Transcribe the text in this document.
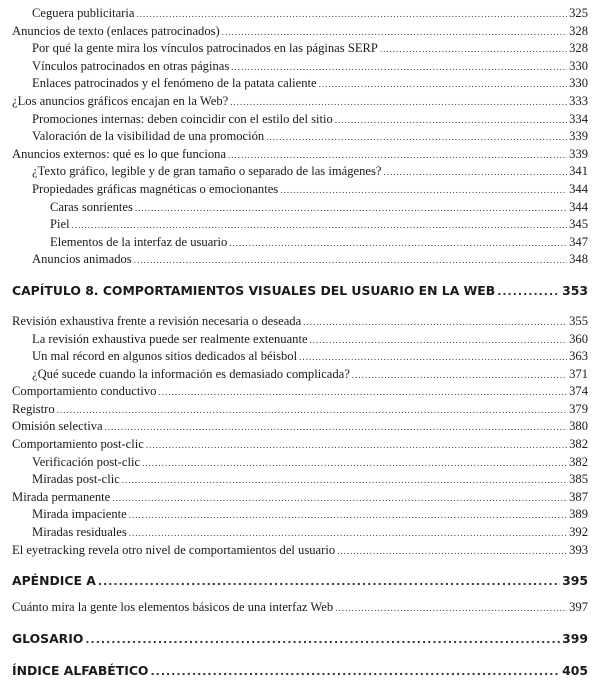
Ceguera publicitaria .....	325
Anuncios de texto (enlaces patrocinados) .....	328
Por qué la gente mira los vínculos patrocinados en las páginas SERP .....	328
Vínculos patrocinados en otras páginas .....	330
Enlaces patrocinados y el fenómeno de la patata caliente .....	330
¿Los anuncios gráficos encajan en la Web? .....	333
Promociones internas: deben coincidir con el estilo del sitio .....	334
Valoración de la visibilidad de una promoción .....	339
Anuncios externos: qué es lo que funciona .....	339
¿Texto gráfico, legible y de gran tamaño o separado de las imágenes? .....	341
Propiedades gráficas magnéticas o emocionantes .....	344
Caras sonrientes .....	344
Piel .....	345
Elementos de la interfaz de usuario .....	347
Anuncios animados .....	348
CAPÍTULO 8. COMPORTAMIENTOS VISUALES DEL USUARIO EN LA WEB .....	353
Revisión exhaustiva frente a revisión necesaria o deseada .....	355
La revisión exhaustiva puede ser realmente extenuante .....	360
Un mal récord en algunos sitios dedicados al béisbol .....	363
¿Qué sucede cuando la información es demasiado complicada? .....	371
Comportamiento conductivo .....	374
Registro .....	379
Omisión selectiva .....	380
Comportamiento post-clic .....	382
Verificación post-clic .....	382
Miradas post-clic .....	385
Mirada permanente .....	387
Mirada impaciente .....	389
Miradas residuales .....	392
El eyetracking revela otro nivel de comportamientos del usuario .....	393
APÉNDICE A .....	395
Cuánto mira la gente los elementos básicos de una interfaz Web .....	397
GLOSARIO .....	399
ÍNDICE ALFABÉTICO .....	405
